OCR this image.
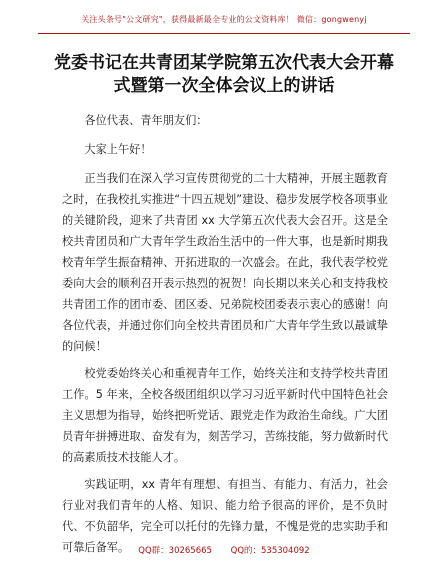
关注头条号"公文研究"，获得最新最全专业的公文资料库！ 微信：gongwenyj
党委书记在共青团某学院第五次代表大会开幕
式暨第一次全体会议上的讲话

各位代表、青年朋友们：

大家上午好！

正当我们在深入学习宣传贯彻党的二十大精神，开展主题教育之时，在我校扎实推进“十四五规划”建设、稳步发展学校各项事业的关键阶段，迎来了共青团 xx 大学第五次代表大会召开。这是全校共青团员和广大青年学生政治生活中的一件大事，也是新时期我校青年学生振奋精神、开拓进取的一次盛会。在此，我代表学校党委向大会的顺利召开表示热烈的祝贺！向长期以来关心和支持我校共青团工作的团市委、团区委、兄弟院校团委表示衷心的感谢！向各位代表，并通过你们向全校共青团员和广大青年学生致以最诚挚的问候！

校党委始终关心和重视青年工作，始终关注和支持学校共青团工作。5 年来，全校各级团组织以学习习近平新时代中国特色社会主义思想为指导，始终把听党话、跟党走作为政治生命线。广大团员青年拼搏进取、奋发有为，刻苦学习，苦练技能，努力做新时代的高素质技术技能人才。

实践证明，xx 青年有理想、有担当、有能力、有活力，社会行业对我们青年的人格、知识、能力给予很高的评价，是不负时代、不负韶华，完全可以托付的先锋力量，不愧是党的忠实助手和可靠后备军。	QQ群：30265665 QQ的：535304092
